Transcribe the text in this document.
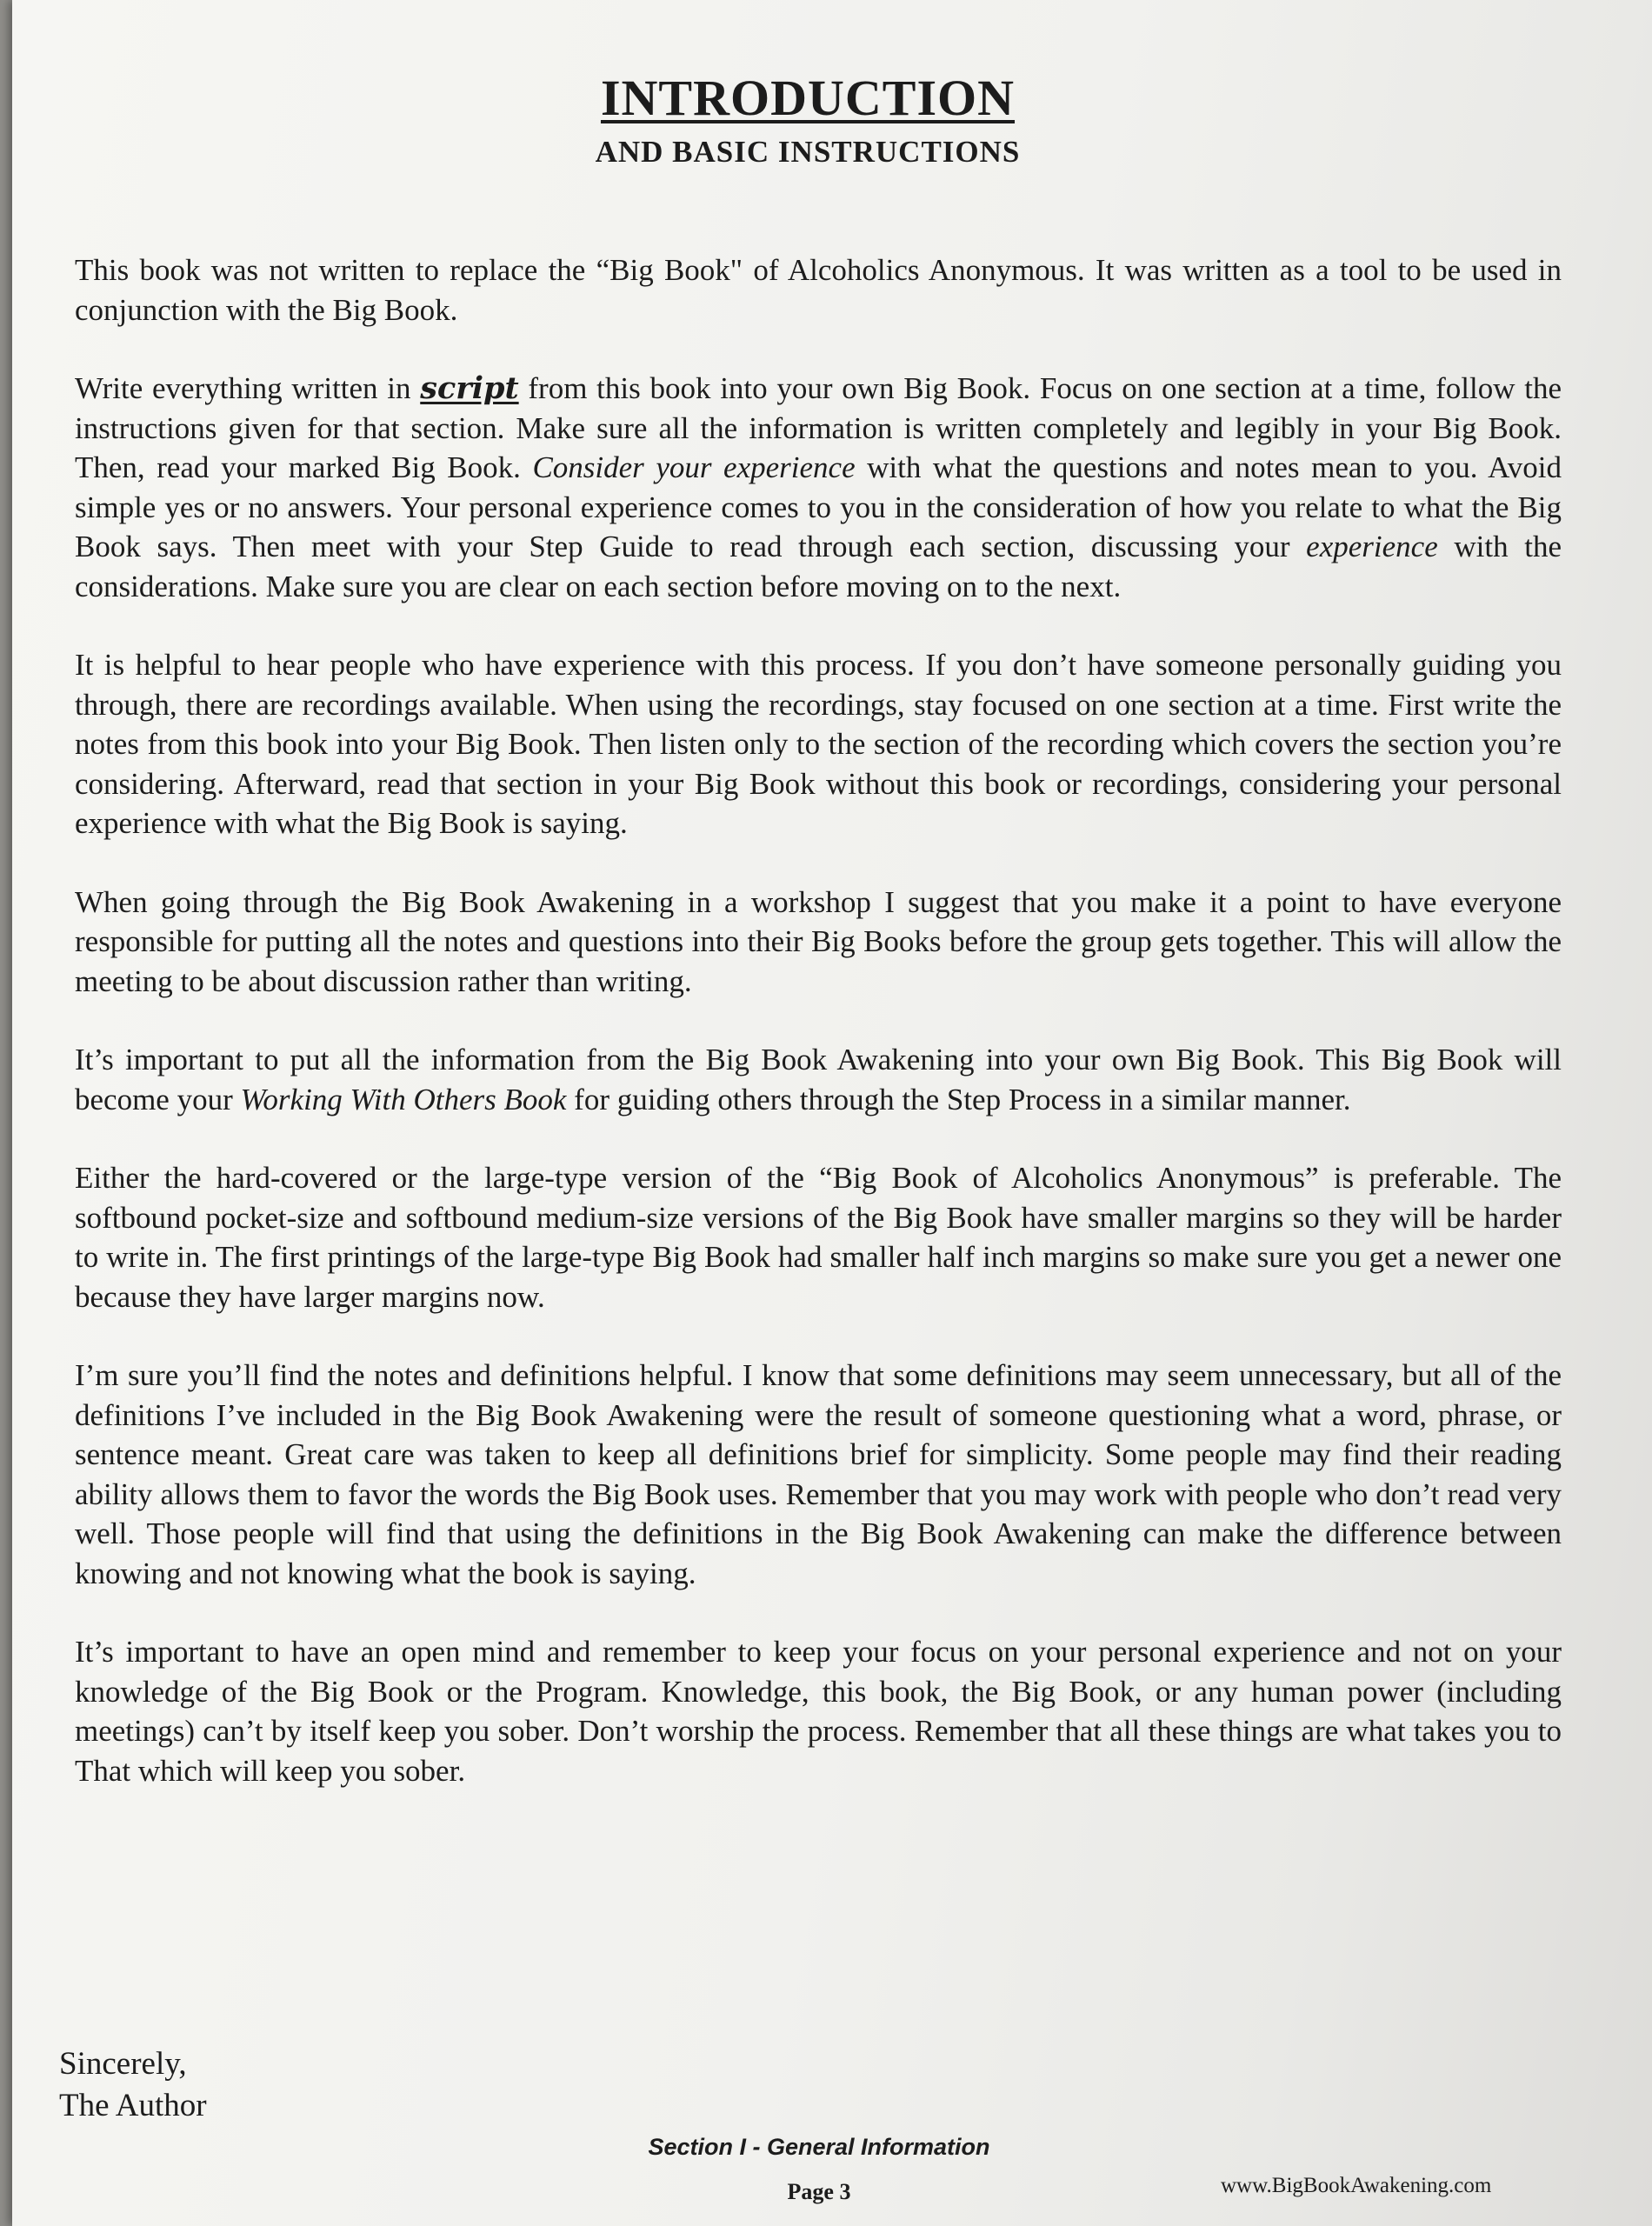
INTRODUCTION
AND BASIC INSTRUCTIONS

This book was not written to replace the “Big Book" of Alcoholics Anonymous. It was written as a tool to be used in conjunction with the Big Book.

Write everything written in script from this book into your own Big Book. Focus on one section at a time, follow the instructions given for that section. Make sure all the information is written completely and legibly in your Big Book. Then, read your marked Big Book. Consider your experience with what the questions and notes mean to you. Avoid simple yes or no answers. Your personal experience comes to you in the consideration of how you relate to what the Big Book says. Then meet with your Step Guide to read through each section, discussing your experience with the considerations. Make sure you are clear on each section before moving on to the next.

It is helpful to hear people who have experience with this process. If you don’t have someone personally guiding you through, there are recordings available. When using the recordings, stay focused on one section at a time. First write the notes from this book into your Big Book. Then listen only to the section of the recording which covers the section you’re considering. Afterward, read that section in your Big Book without this book or recordings, considering your personal experience with what the Big Book is saying.

When going through the Big Book Awakening in a workshop I suggest that you make it a point to have everyone responsible for putting all the notes and questions into their Big Books before the group gets together. This will allow the meeting to be about discussion rather than writing.

It’s important to put all the information from the Big Book Awakening into your own Big Book. This Big Book will become your Working With Others Book for guiding others through the Step Process in a similar manner.

Either the hard-covered or the large-type version of the “Big Book of Alcoholics Anonymous” is preferable. The softbound pocket-size and softbound medium-size versions of the Big Book have smaller margins so they will be harder to write in. The first printings of the large-type Big Book had smaller half inch margins so make sure you get a newer one because they have larger margins now.

I’m sure you’ll find the notes and definitions helpful. I know that some definitions may seem unnecessary, but all of the definitions I’ve included in the Big Book Awakening were the result of someone questioning what a word, phrase, or sentence meant. Great care was taken to keep all definitions brief for simplicity. Some people may find their reading ability allows them to favor the words the Big Book uses. Remember that you may work with people who don’t read very well. Those people will find that using the definitions in the Big Book Awakening can make the difference between knowing and not knowing what the book is saying.

It’s important to have an open mind and remember to keep your focus on your personal experience and not on your knowledge of the Big Book or the Program. Knowledge, this book, the Big Book, or any human power (including meetings) can’t by itself keep you sober. Don’t worship the process. Remember that all these things are what takes you to That which will keep you sober.

Sincerely,
The Author
Section I - General Information
Page 3	www.BigBookAwakening.com
